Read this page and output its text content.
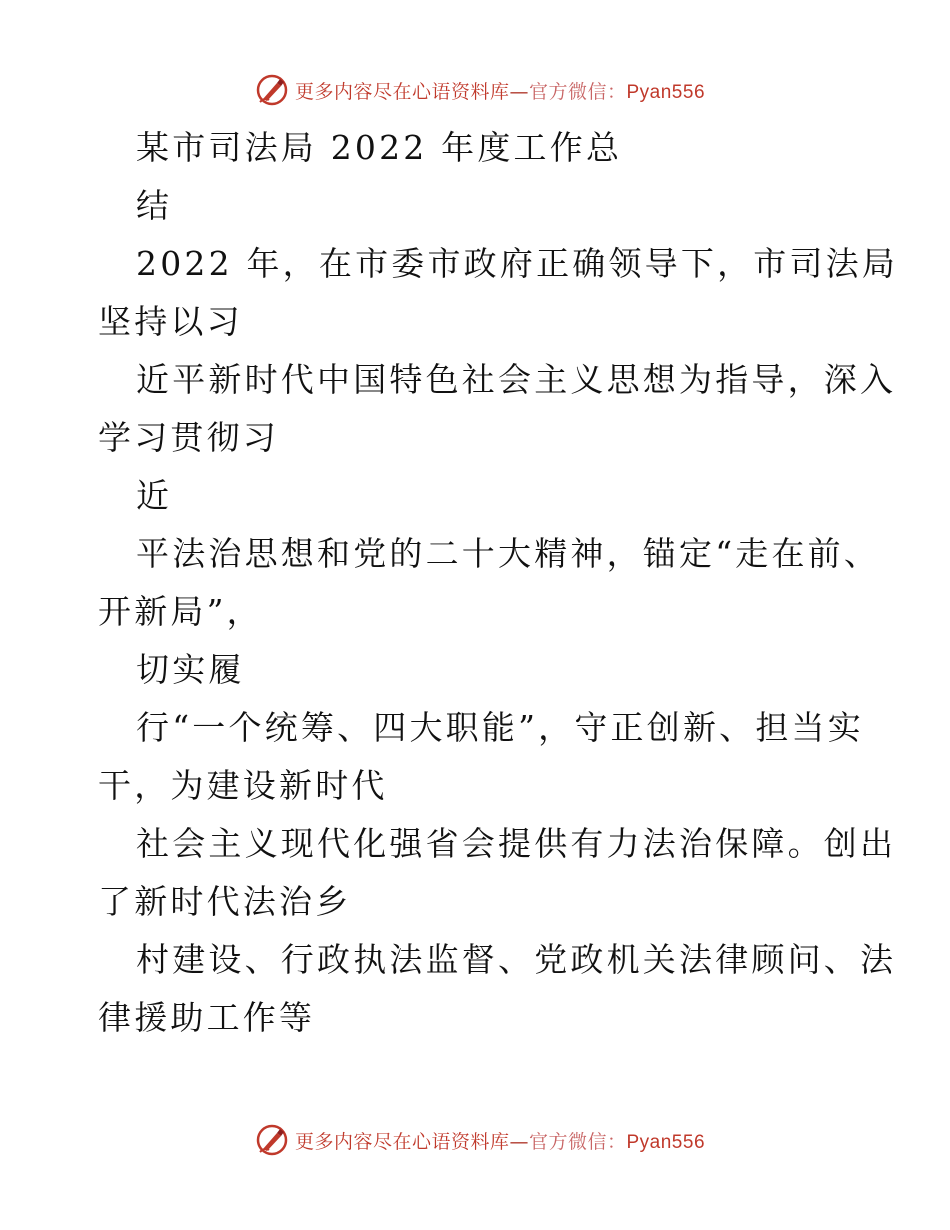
更多内容尽在心语资料库—官方微信：Pyan556
某市司法局 2022 年度工作总
结
2022 年，在市委市政府正确领导下，市司法局
坚持以习
近平新时代中国特色社会主义思想为指导，深入
学习贯彻习
近
平法治思想和党的二十大精神，锚定“走在前、
开新局”，
切实履
行“一个统筹、四大职能”，守正创新、担当实
干，为建设新时代
社会主义现代化强省会提供有力法治保障。创出
了新时代法治乡
村建设、行政执法监督、党政机关法律顾问、法
律援助工作等
更多内容尽在心语资料库—官方微信：Pyan556
